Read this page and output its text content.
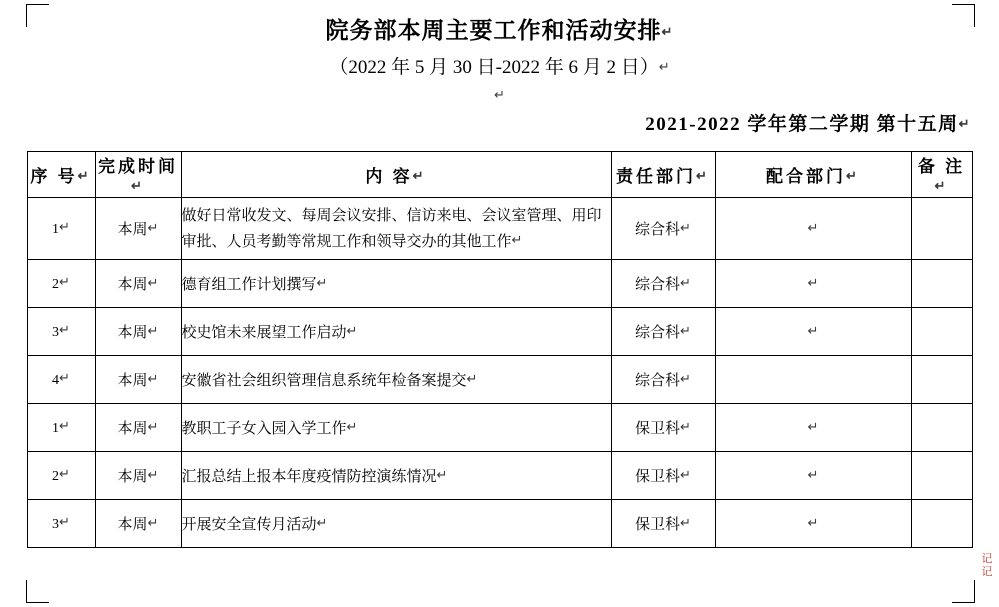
院务部本周主要工作和活动安排↵
（2022 年 5 月 30 日-2022 年 6 月 2 日）↵
↵
2021-2022 学年第二学期 第十五周↵
序 号↵	完成时间↵	内 容↵	责任部门↵	配合部门↵	备 注↵
1↵	本周↵	做好日常收发文、每周会议安排、信访来电、会议室管理、用印审批、人员考勤等常规工作和领导交办的其他工作↵	综合科↵	↵	
2↵	本周↵	德育组工作计划撰写↵	综合科↵	↵	
3↵	本周↵	校史馆未来展望工作启动↵	综合科↵	↵	
4↵	本周↵	安徽省社会组织管理信息系统年检备案提交↵	综合科↵		
1↵	本周↵	教职工子女入园入学工作↵	保卫科↵	↵	
2↵	本周↵	汇报总结上报本年度疫情防控演练情况↵	保卫科↵	↵	
3↵	本周↵	开展安全宣传月活动↵	保卫科↵	↵	
记记
